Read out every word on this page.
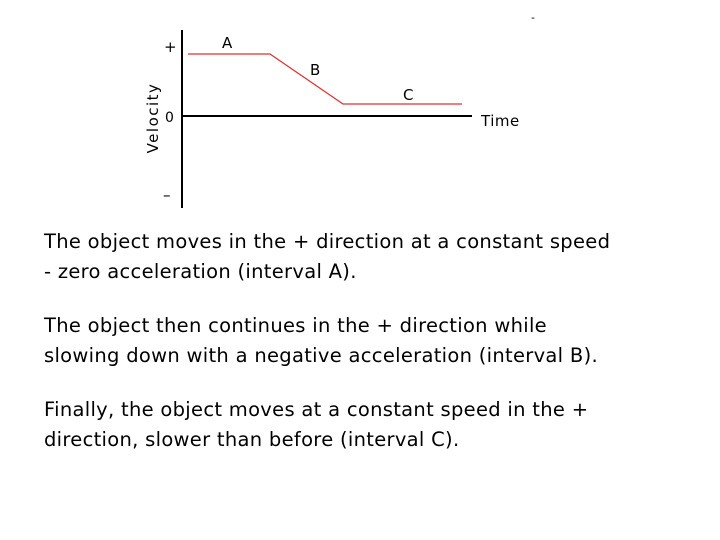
Velocity	Time
+
0
–
A
B
C
-

The object moves in the + direction at a constant speed
- zero acceleration (interval A).

The object then continues in the + direction while
slowing down with a negative acceleration (interval B).

Finally, the object moves at a constant speed in the +
direction, slower than before (interval C).
